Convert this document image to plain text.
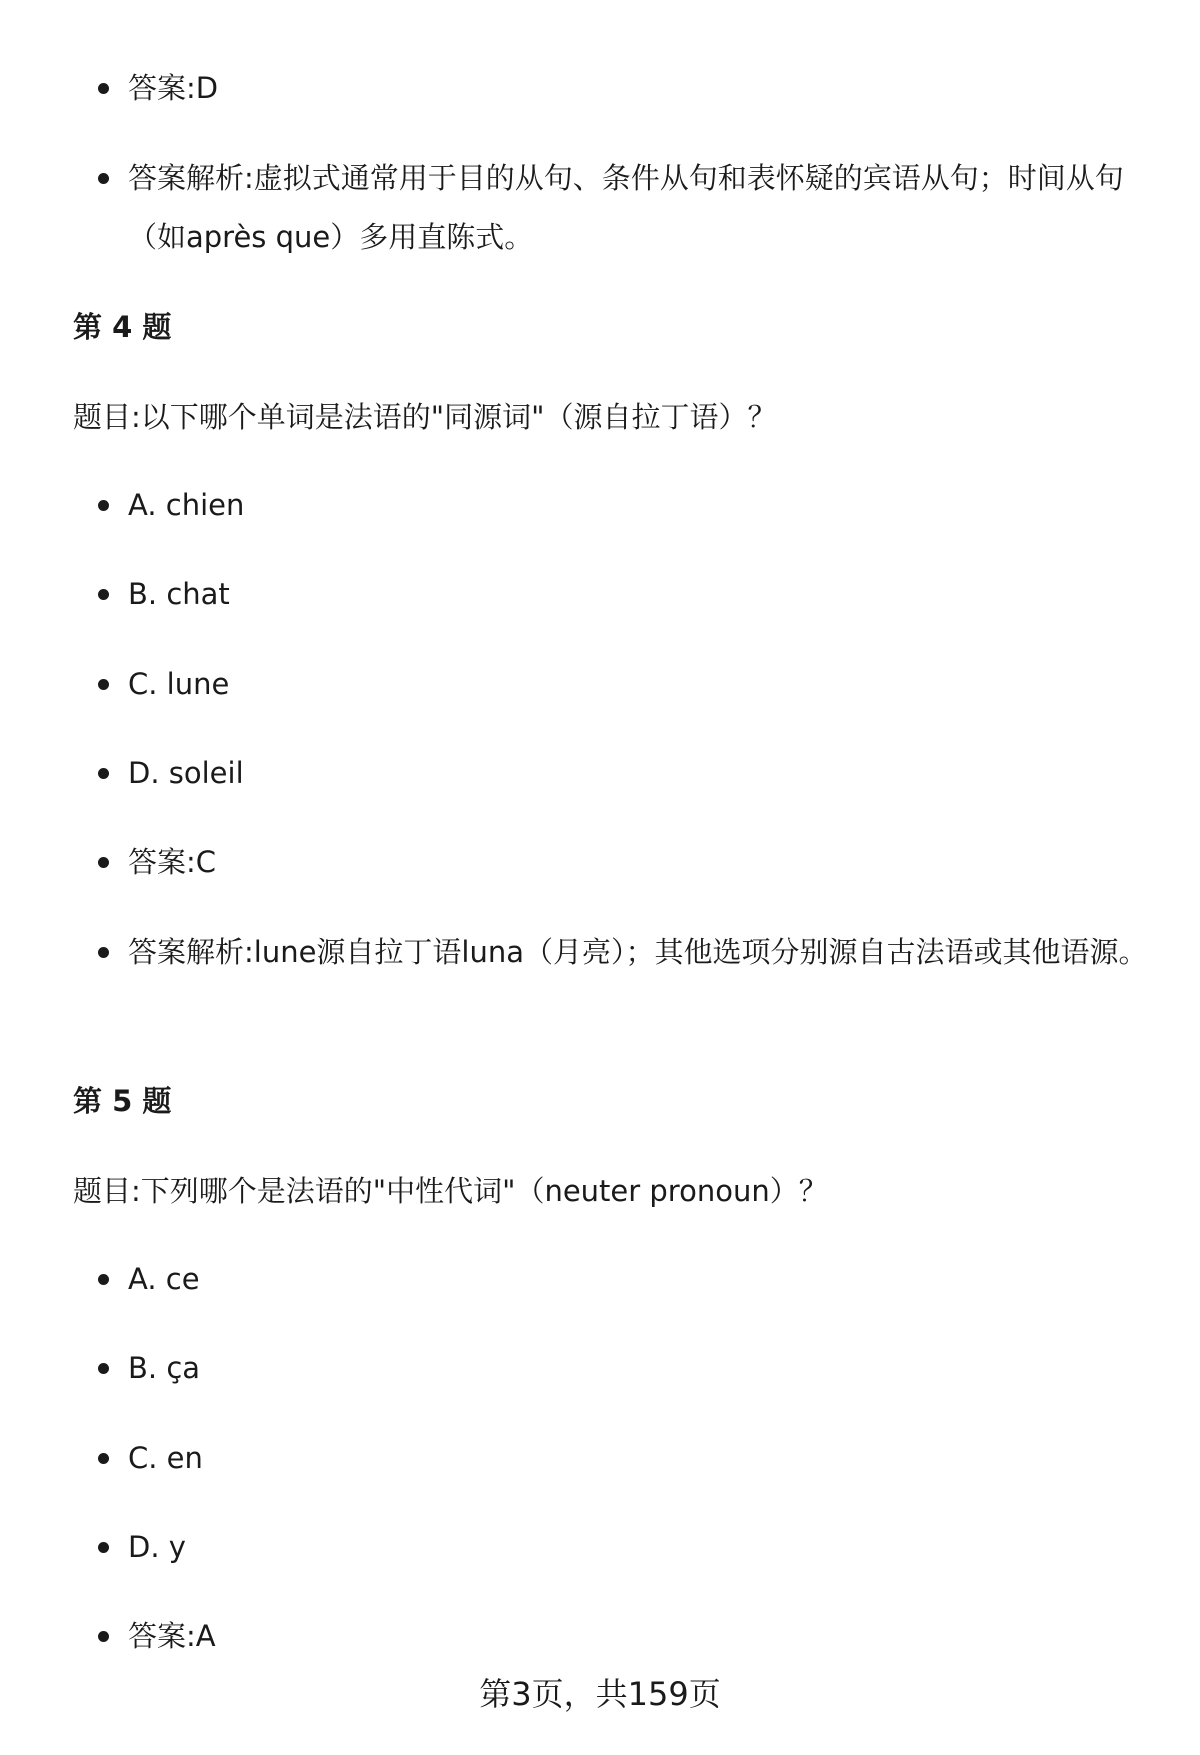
答案:D
答案解析:虚拟式通常用于目的从句、条件从句和表怀疑的宾语从句；时间从句（如après que）多用直陈式。
第 4 题
题目:以下哪个单词是法语的"同源词"（源自拉丁语）？
A. chien
B. chat
C. lune
D. soleil
答案:C
答案解析:lune源自拉丁语luna（月亮）；其他选项分别源自古法语或其他语源。
第 5 题
题目:下列哪个是法语的"中性代词"（neuter pronoun）？
A. ce
B. ça
C. en
D. y
答案:A
第3页，共159页
